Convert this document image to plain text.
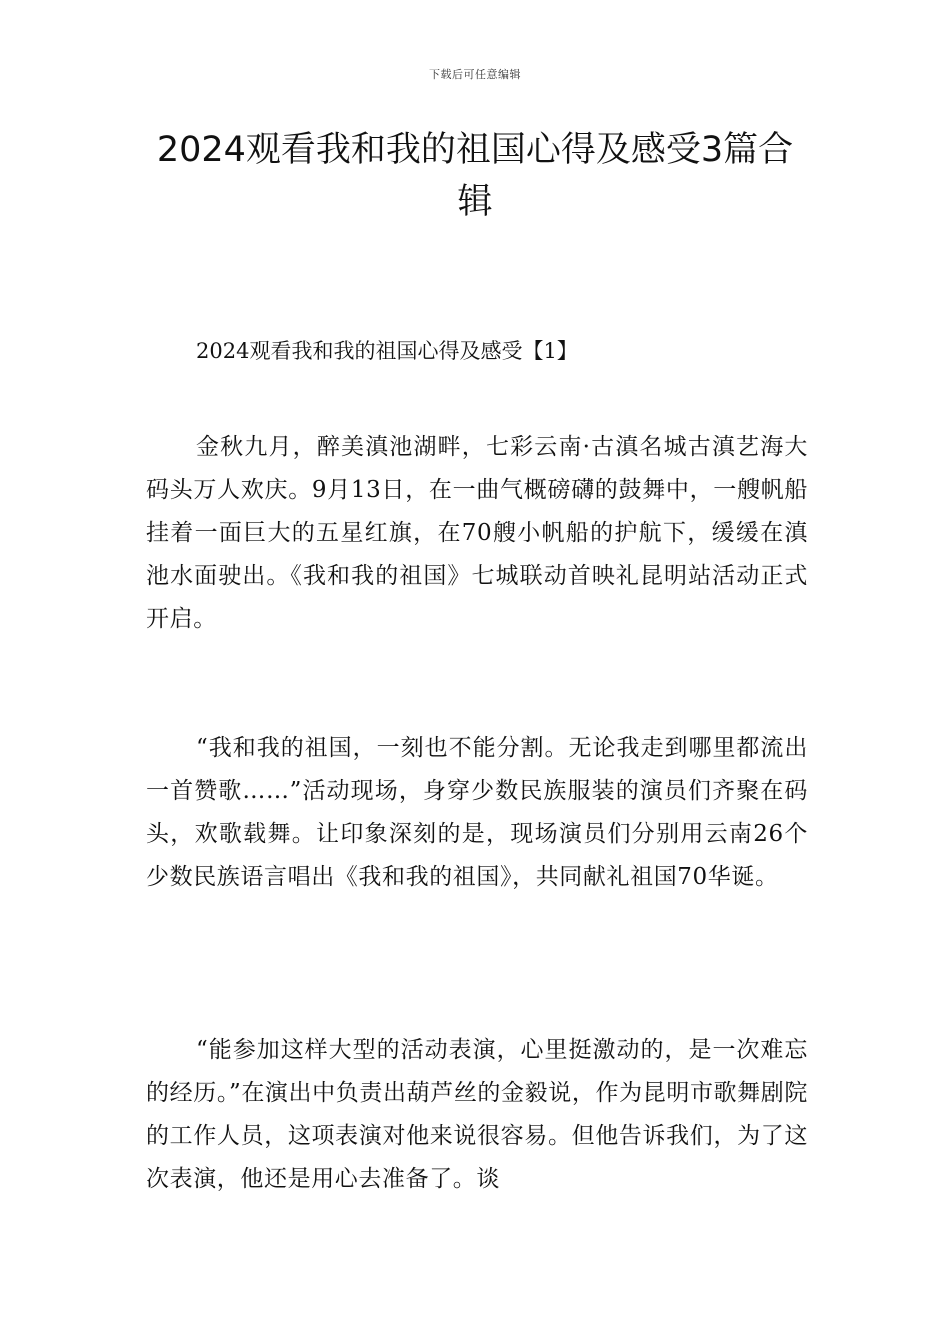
下载后可任意编辑
2024观看我和我的祖国心得及感受3篇合辑
2024观看我和我的祖国心得及感受【1】

金秋九月，醉美滇池湖畔，七彩云南·古滇名城古滇艺海大码头万人欢庆。9月13日，在一曲气概磅礴的鼓舞中，一艘帆船挂着一面巨大的五星红旗，在70艘小帆船的护航下，缓缓在滇池水面驶出。《我和我的祖国》七城联动首映礼昆明站活动正式开启。

“我和我的祖国，一刻也不能分割。无论我走到哪里都流出一首赞歌……”活动现场，身穿少数民族服装的演员们齐聚在码头，欢歌载舞。让印象深刻的是，现场演员们分别用云南26个少数民族语言唱出《我和我的祖国》，共同献礼祖国70华诞。

“能参加这样大型的活动表演，心里挺激动的，是一次难忘的经历。”在演出中负责出葫芦丝的金毅说，作为昆明市歌舞剧院的工作人员，这项表演对他来说很容易。但他告诉我们，为了这次表演，他还是用心去准备了。谈
